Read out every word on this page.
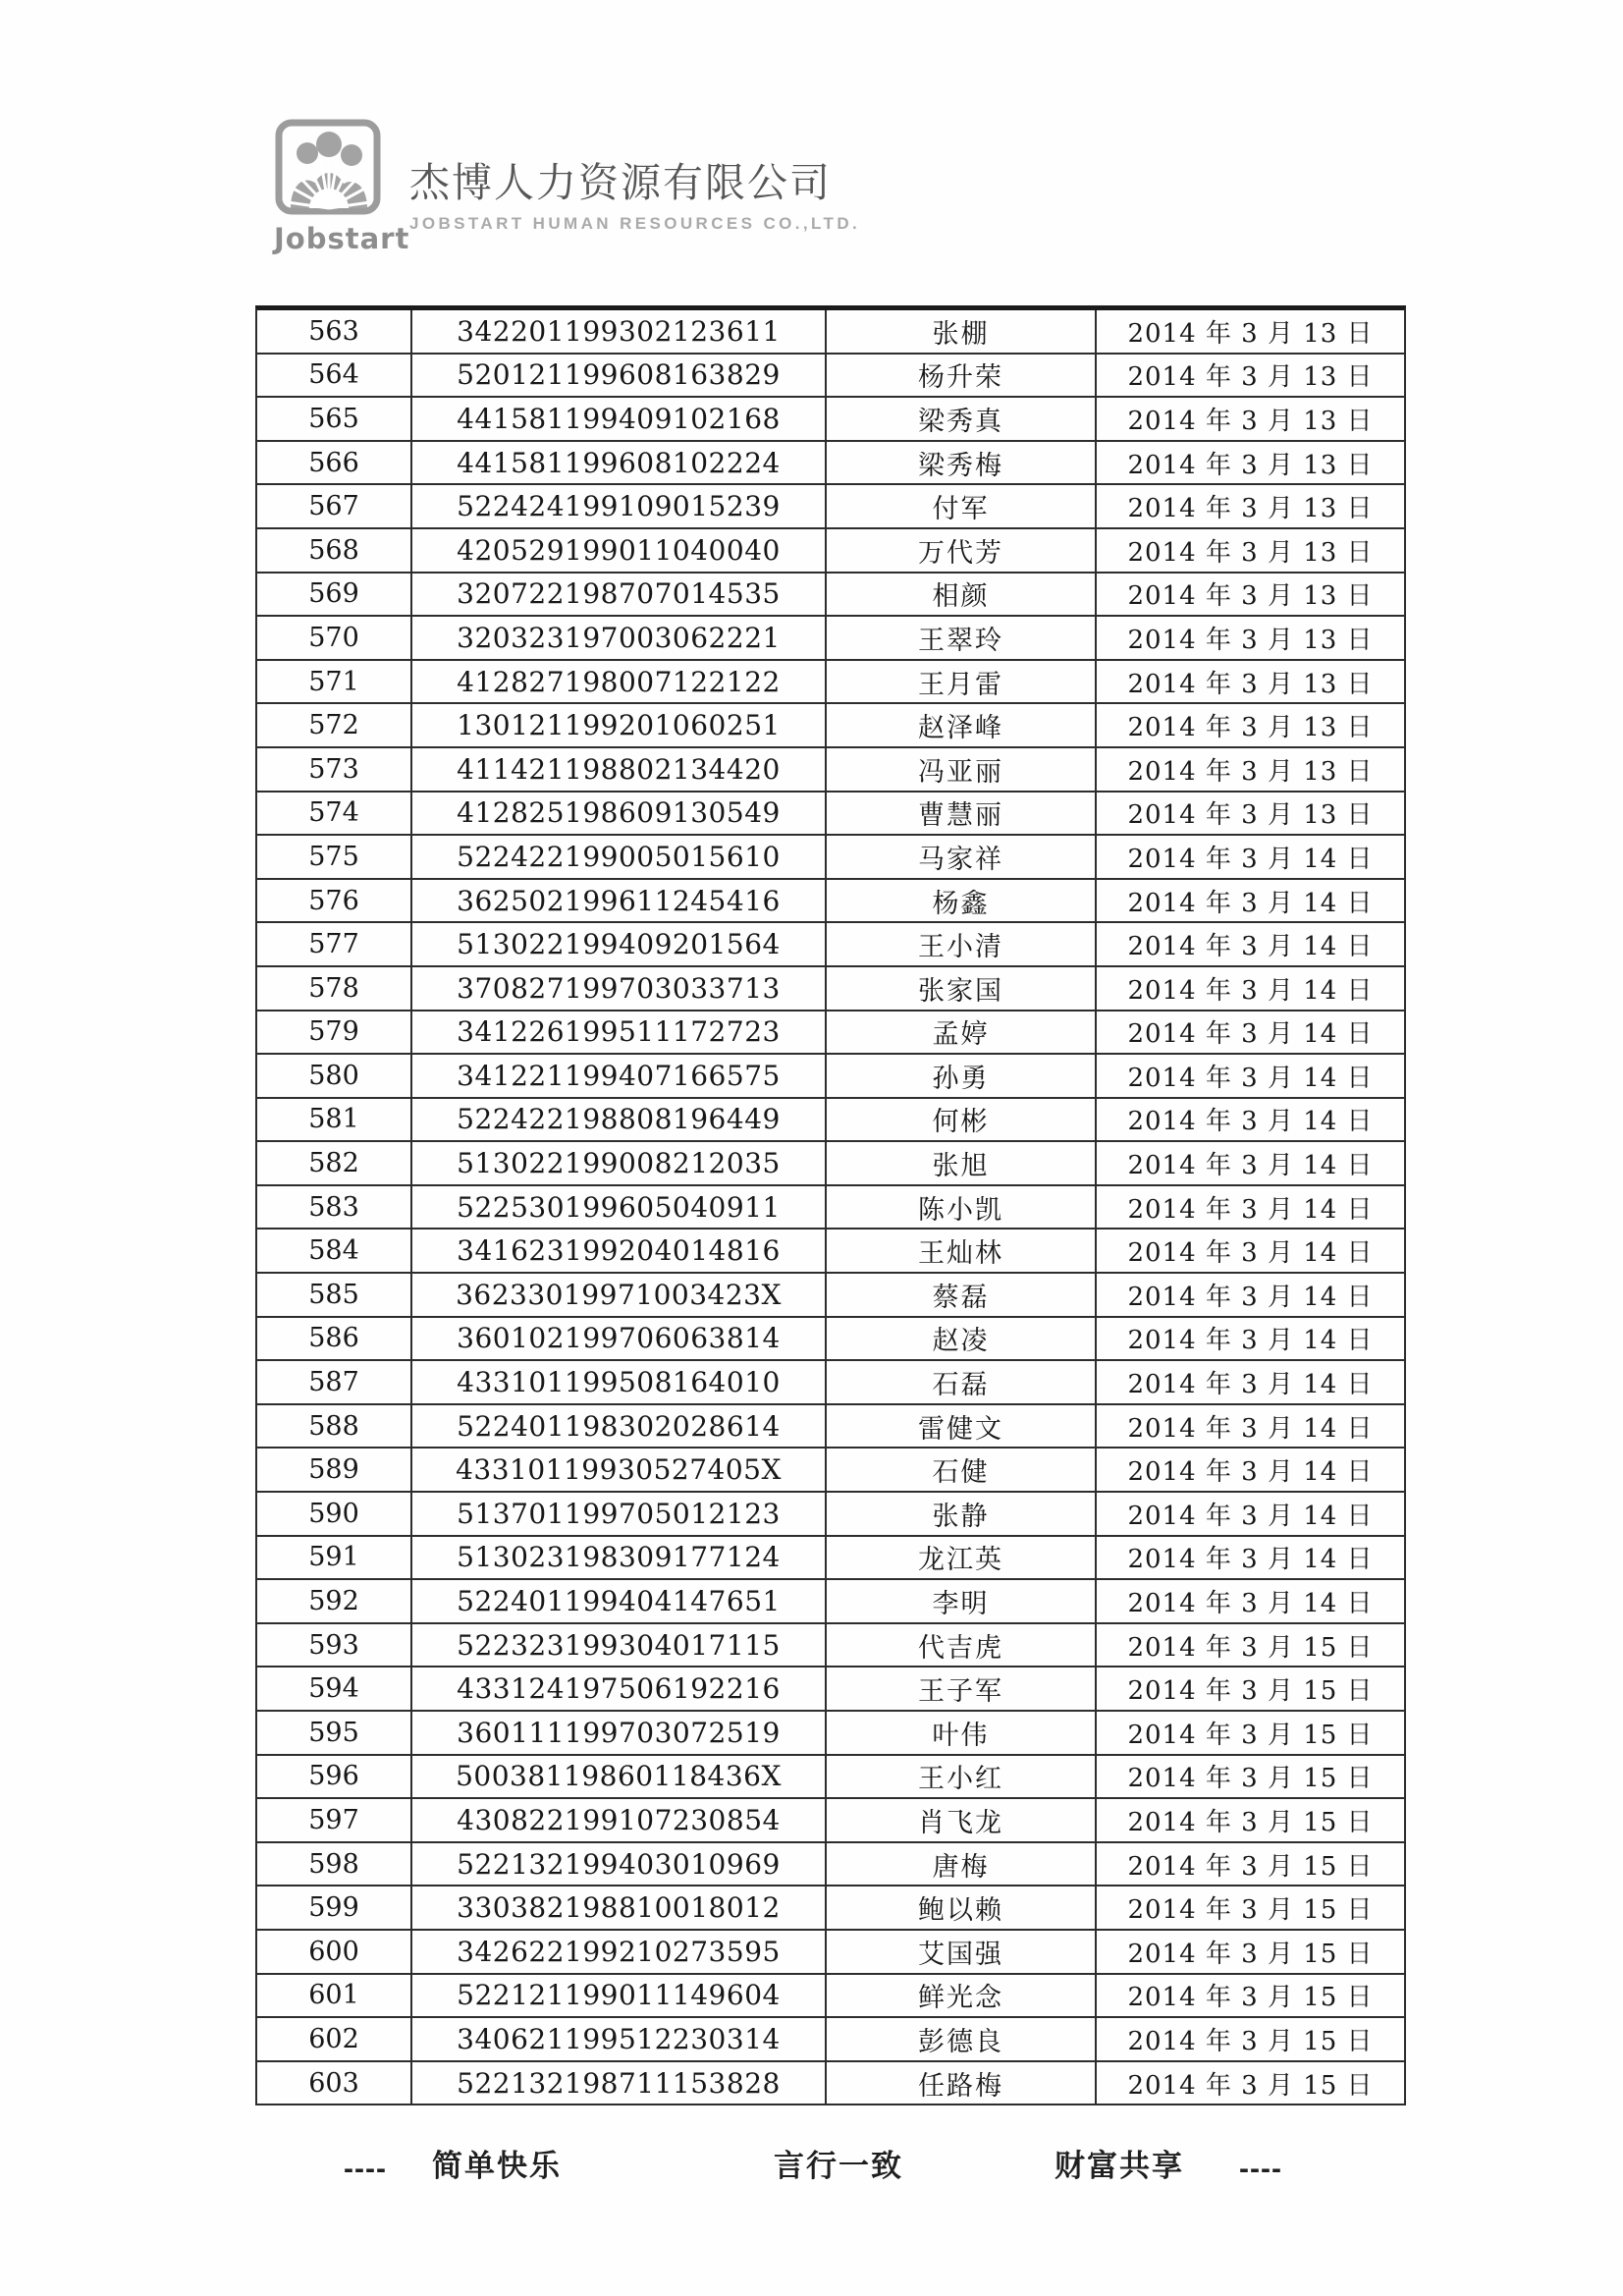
Jobstart
杰博人力资源有限公司
JOBSTART HUMAN RESOURCES CO.,LTD.
563	342201199302123611	张棚	2014 年 3 月 13 日
564	520121199608163829	杨升荣	2014 年 3 月 13 日
565	441581199409102168	梁秀真	2014 年 3 月 13 日
566	441581199608102224	梁秀梅	2014 年 3 月 13 日
567	522424199109015239	付军	2014 年 3 月 13 日
568	420529199011040040	万代芳	2014 年 3 月 13 日
569	320722198707014535	相颜	2014 年 3 月 13 日
570	320323197003062221	王翠玲	2014 年 3 月 13 日
571	412827198007122122	王月雷	2014 年 3 月 13 日
572	130121199201060251	赵泽峰	2014 年 3 月 13 日
573	411421198802134420	冯亚丽	2014 年 3 月 13 日
574	412825198609130549	曹慧丽	2014 年 3 月 13 日
575	522422199005015610	马家祥	2014 年 3 月 14 日
576	362502199611245416	杨鑫	2014 年 3 月 14 日
577	513022199409201564	王小清	2014 年 3 月 14 日
578	370827199703033713	张家国	2014 年 3 月 14 日
579	341226199511172723	孟婷	2014 年 3 月 14 日
580	341221199407166575	孙勇	2014 年 3 月 14 日
581	522422198808196449	何彬	2014 年 3 月 14 日
582	513022199008212035	张旭	2014 年 3 月 14 日
583	522530199605040911	陈小凯	2014 年 3 月 14 日
584	341623199204014816	王灿林	2014 年 3 月 14 日
585	36233019971003423X	蔡磊	2014 年 3 月 14 日
586	360102199706063814	赵凌	2014 年 3 月 14 日
587	433101199508164010	石磊	2014 年 3 月 14 日
588	522401198302028614	雷健文	2014 年 3 月 14 日
589	43310119930527405X	石健	2014 年 3 月 14 日
590	513701199705012123	张静	2014 年 3 月 14 日
591	513023198309177124	龙江英	2014 年 3 月 14 日
592	522401199404147651	李明	2014 年 3 月 14 日
593	522323199304017115	代吉虎	2014 年 3 月 15 日
594	433124197506192216	王子军	2014 年 3 月 15 日
595	360111199703072519	叶伟	2014 年 3 月 15 日
596	50038119860118436X	王小红	2014 年 3 月 15 日
597	430822199107230854	肖飞龙	2014 年 3 月 15 日
598	522132199403010969	唐梅	2014 年 3 月 15 日
599	330382198810018012	鲍以赖	2014 年 3 月 15 日
600	342622199210273595	艾国强	2014 年 3 月 15 日
601	522121199011149604	鲜光念	2014 年 3 月 15 日
602	340621199512230314	彭德良	2014 年 3 月 15 日
603	522132198711153828	任路梅	2014 年 3 月 15 日
---- 简单快乐	言行一致	财富共享 ----
